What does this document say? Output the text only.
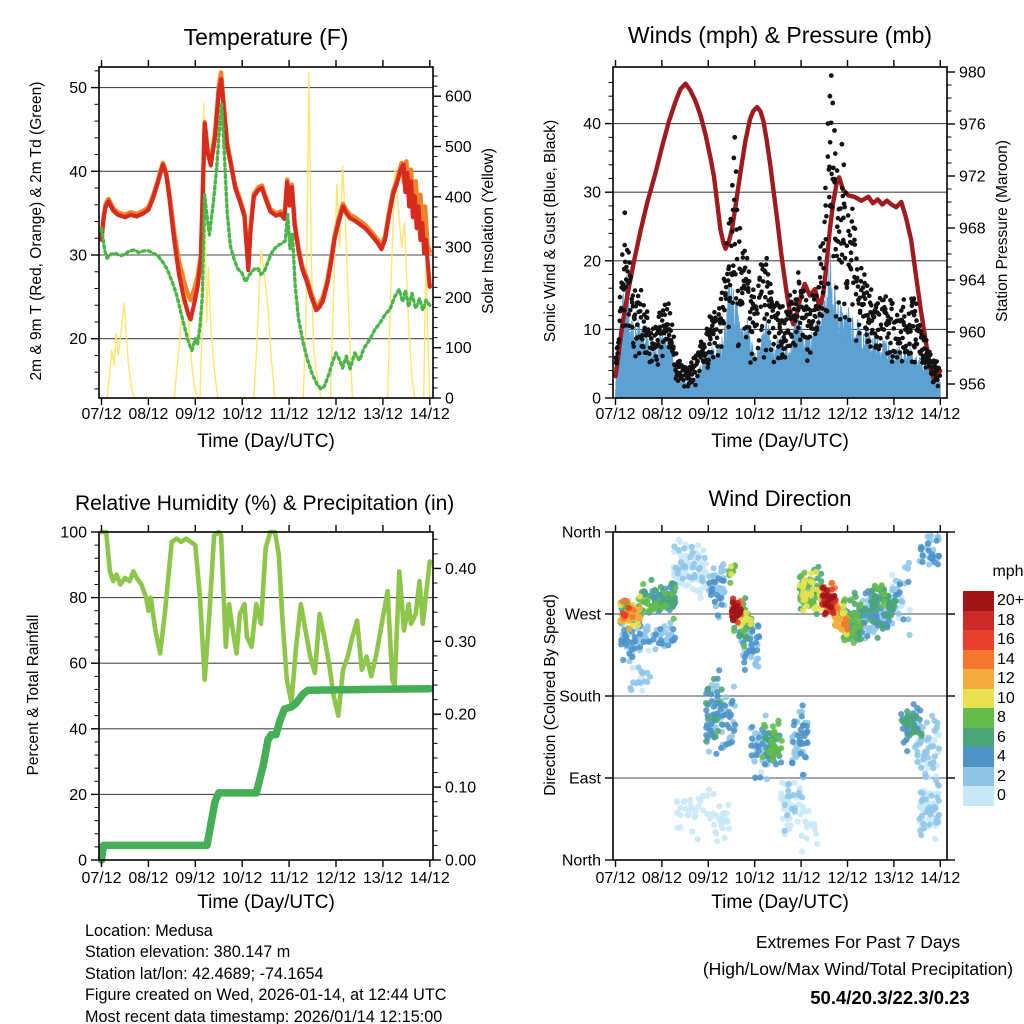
07/12 08/12 09/12 10/12 11/12 12/12 13/12 14/12
20
30
40
50
0
100
200
300
400
500
600
07/12 08/12 09/12 10/12 11/12 12/12 13/12 14/12
0
10
20
30
40
956
960
964
968
972
976
980
07/12 08/12 09/12 10/12 11/12 12/12 13/12 14/12
0
20
40
60
80
100
0.00
0.10
0.20
0.30
0.40
07/12 08/12 09/12 10/12 11/12 12/12 13/12 14/12
North
West
South
East
North
Temperature (F)	Winds (mph) & Pressure (mb)
Relative Humidity (%) & Precipitation (in)	Wind Direction
Time (Day/UTC)	Time (Day/UTC)
Time (Day/UTC)	Time (Day/UTC)
2m & 9m T (Red, Orange) & 2m Td (Green)	Solar Insolation (Yellow)	Sonic Wind & Gust (Blue, Black)	Station Pressure (Maroon)
Percent & Total Rainfall	Direction (Colored By Speed)
Location: Medusa
Station elevation: 380.147 m
Station lat/lon: 42.4689; -74.1654
Figure created on Wed, 2026-01-14, at 12:44 UTC
Most recent data timestamp: 2026/01/14 12:15:00
Extremes For Past 7 Days
(High/Low/Max Wind/Total Precipitation)
50.4/20.3/22.3/0.23
mph
20+
18
16
14
12
10
8
6
4
2
0
